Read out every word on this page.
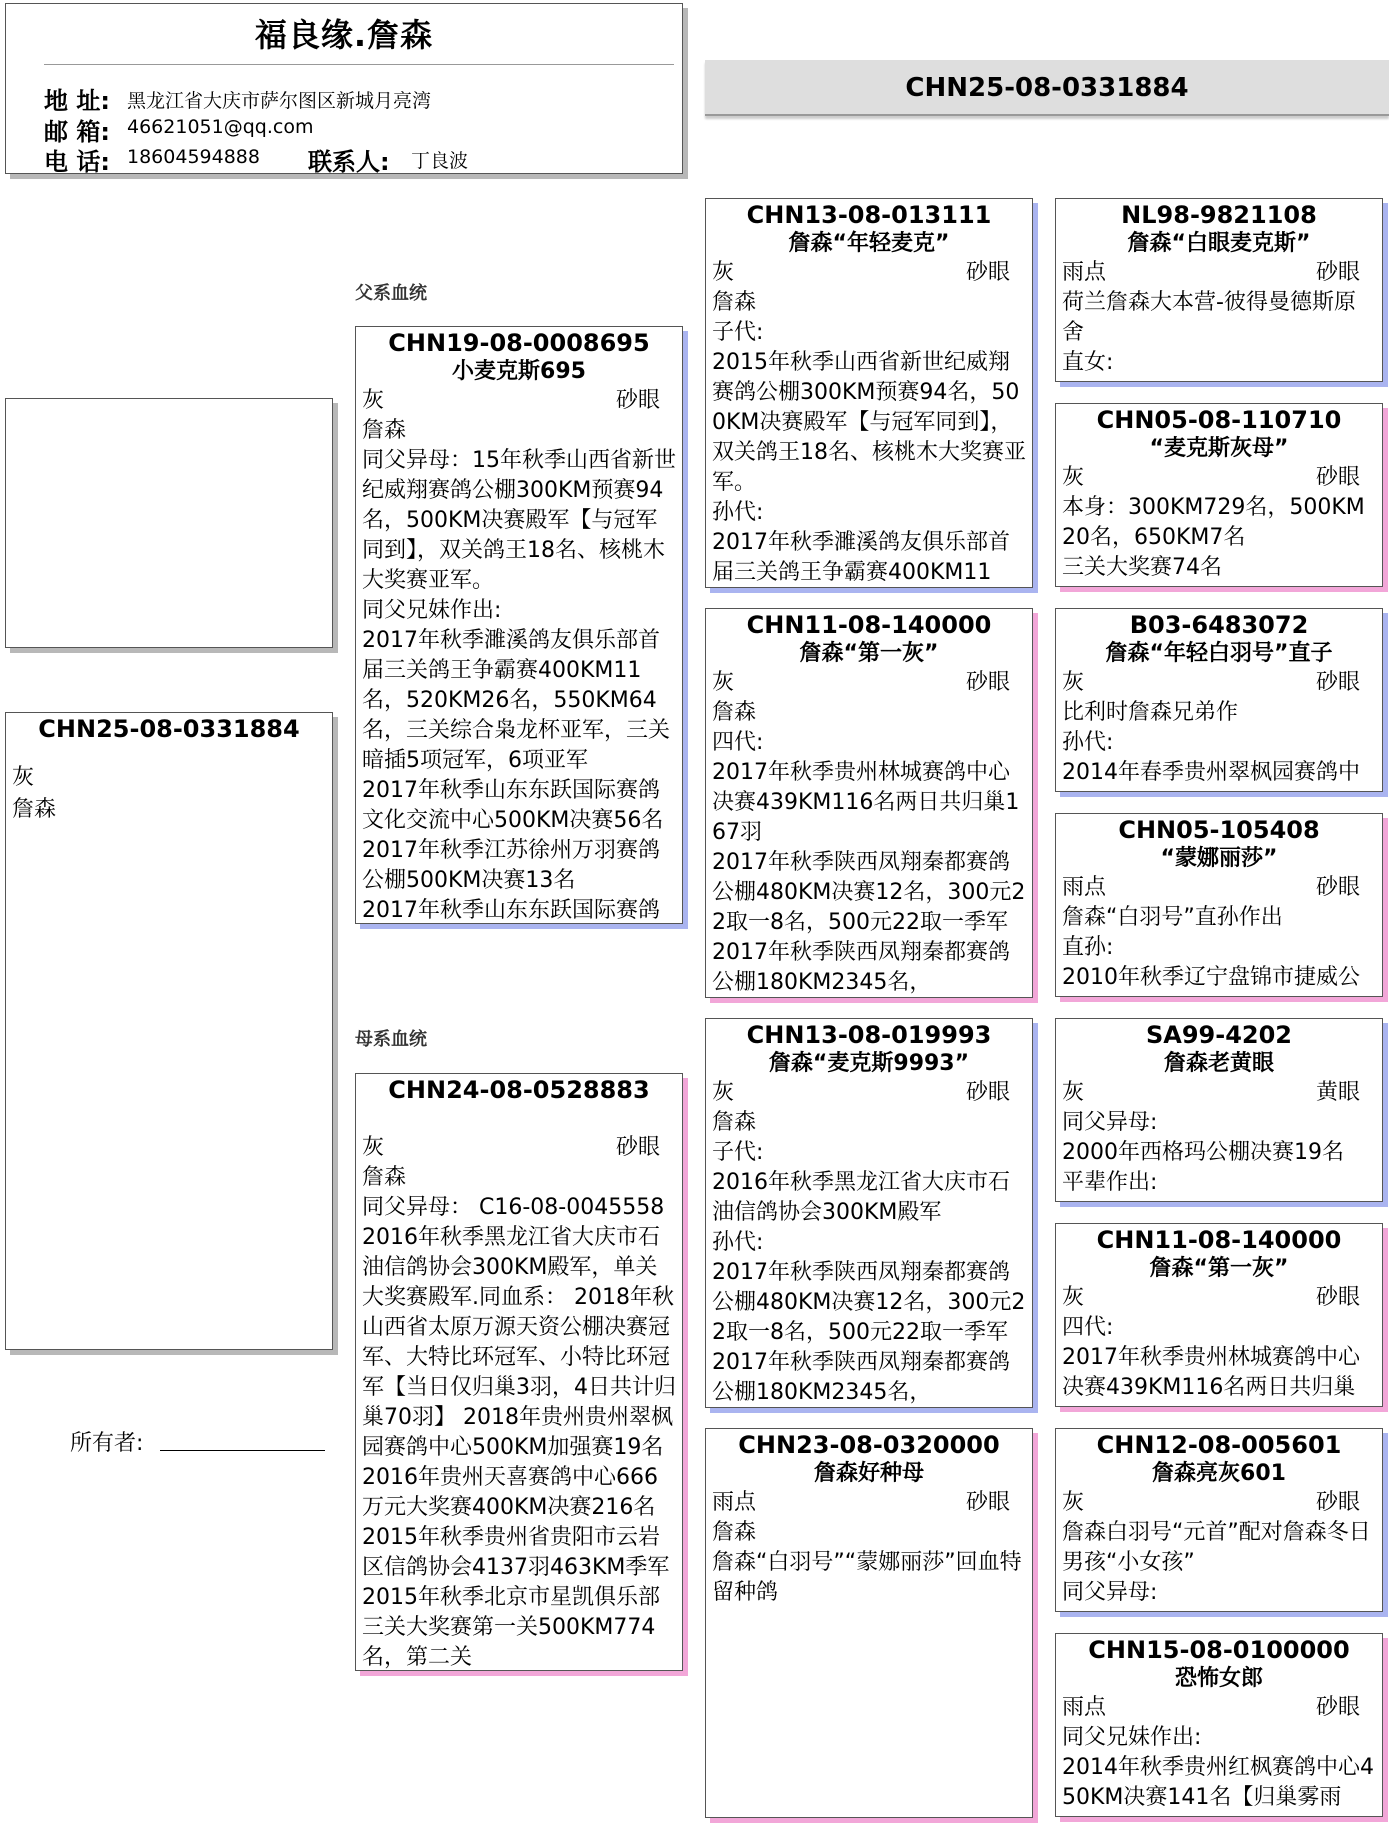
福良缘.詹森
地 址: 黑龙江省大庆市萨尔图区新城月亮湾
邮 箱: 46621051@qq.com
电 话: 18604594888 联系人: 丁良波
CHN25-08-0331884
CHN25-08-0331884
灰
詹森
所有者:
父系血统
母系血统
CHN19-08-0008695
小麦克斯695
灰	砂眼
詹森
同父异母：15年秋季山西省新世纪威翔赛鸽公棚300KM预赛94名，500KM决赛殿军【与冠军同到】，双关鸽王18名、核桃木大奖赛亚军。
同父兄妹作出:
2017年秋季濉溪鸽友俱乐部首届三关鸽王争霸赛400KM11名，520KM26名，550KM64名，三关综合枭龙杯亚军，三关暗插5项冠军，6项亚军
2017年秋季山东东跃国际赛鸽文化交流中心500KM决赛56名
2017年秋季江苏徐州万羽赛鸽公棚500KM决赛13名
2017年秋季山东东跃国际赛鸽
CHN24-08-0528883
灰	砂眼
詹森
同父异母： C16-08-0045558 2016年秋季黑龙江省大庆市石油信鸽协会300KM殿军，单关大奖赛殿军.同血系： 2018年秋山西省太原万源天资公棚决赛冠军、大特比环冠军、小特比环冠军【当日仅归巢3羽，4日共计归巢70羽】 2018年贵州贵州翠枫园赛鸽中心500KM加强赛19名 2016年贵州天喜赛鸽中心666万元大奖赛400KM决赛216名 2015年秋季贵州省贵阳市云岩区信鸽协会4137羽463KM季军 2015年秋季北京市星凯俱乐部三关大奖赛第一关500KM774名，第二关
CHN13-08-013111
詹森“年轻麦克”
灰	砂眼
詹森
子代:
2015年秋季山西省新世纪威翔赛鸽公棚300KM预赛94名，500KM决赛殿军【与冠军同到】，双关鸽王18名、核桃木大奖赛亚军。
孙代:
2017年秋季濉溪鸽友俱乐部首届三关鸽王争霸赛400KM11
CHN11-08-140000
詹森“第一灰”
灰	砂眼
詹森
四代:
2017年秋季贵州林城赛鸽中心决赛439KM116名两日共归巢167羽
2017年秋季陕西凤翔秦都赛鸽公棚480KM决赛12名，300元22取一8名，500元22取一季军
2017年秋季陕西凤翔秦都赛鸽公棚180KM2345名，
CHN13-08-019993
詹森“麦克斯9993”
灰	砂眼
詹森
子代:
2016年秋季黑龙江省大庆市石油信鸽协会300KM殿军
孙代:
2017年秋季陕西凤翔秦都赛鸽公棚480KM决赛12名，300元22取一8名，500元22取一季军
2017年秋季陕西凤翔秦都赛鸽公棚180KM2345名，
CHN23-08-0320000
詹森好种母
雨点	砂眼
詹森
詹森“白羽号”“蒙娜丽莎”回血特留种鸽
NL98-9821108
詹森“白眼麦克斯”
雨点	砂眼
荷兰詹森大本营-彼得曼德斯原舍
直女:
CHN05-08-110710
“麦克斯灰母”
灰	砂眼
本身：300KM729名，500KM20名，650KM7名
三关大奖赛74名
B03-6483072
詹森“年轻白羽号”直子
灰	砂眼
比利时詹森兄弟作
孙代:
2014年春季贵州翠枫园赛鸽中
CHN05-105408
“蒙娜丽莎”
雨点	砂眼
詹森“白羽号”直孙作出
直孙:
2010年秋季辽宁盘锦市捷威公
SA99-4202
詹森老黄眼
灰	黄眼
同父异母:
2000年西格玛公棚决赛19名
平辈作出:
CHN11-08-140000
詹森“第一灰”
灰	砂眼
四代:
2017年秋季贵州林城赛鸽中心决赛439KM116名两日共归巢
CHN12-08-005601
詹森亮灰601
灰	砂眼
詹森白羽号“元首”配对詹森冬日男孩“小女孩”
同父异母:
CHN15-08-0100000
恐怖女郎
雨点	砂眼
同父兄妹作出:
2014年秋季贵州红枫赛鸽中心450KM决赛141名【归巢雾雨
